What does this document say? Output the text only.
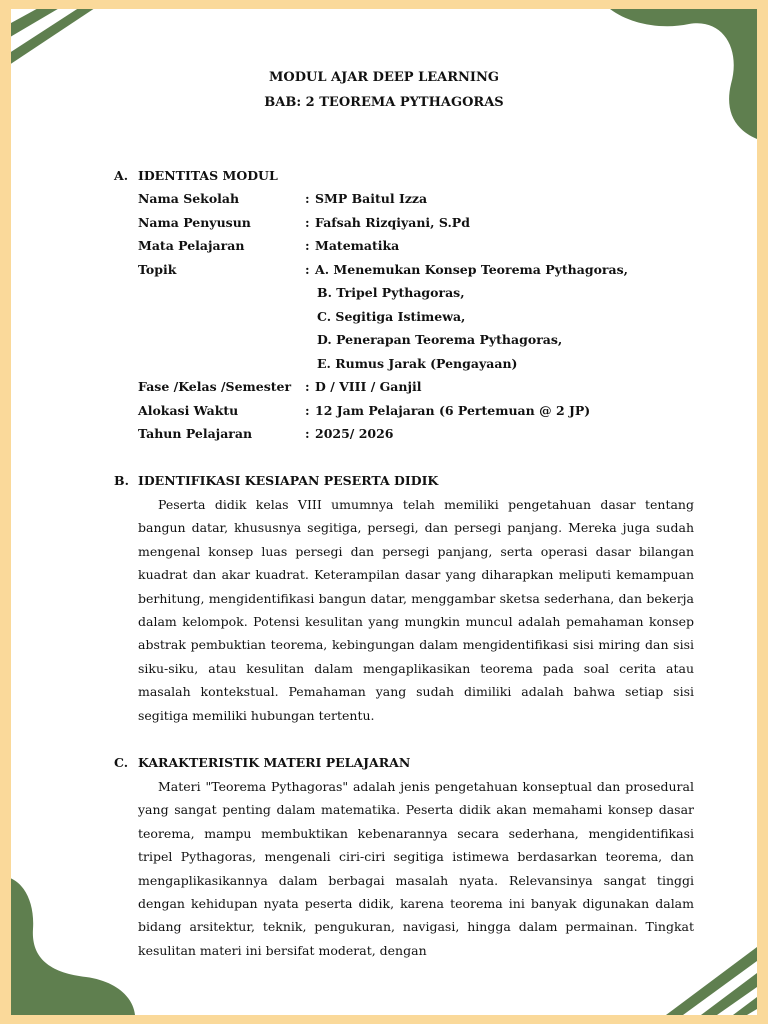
MODUL AJAR DEEP LEARNING
BAB: 2 TEOREMA PYTHAGORAS
A. IDENTITAS MODUL
Nama Sekolah	: SMP Baitul Izza
Nama Penyusun	: Fafsah Rizqiyani, S.Pd
Mata Pelajaran	: Matematika
Topik	: A. Menemukan Konsep Teorema Pythagoras,
B. Tripel Pythagoras,
C. Segitiga Istimewa,
D. Penerapan Teorema Pythagoras,
E. Rumus Jarak (Pengayaan)
Fase /Kelas /Semester : D / VIII / Ganjil
Alokasi Waktu	: 12 Jam Pelajaran (6 Pertemuan @ 2 JP)
Tahun Pelajaran	: 2025/ 2026
B. IDENTIFIKASI KESIAPAN PESERTA DIDIK
Peserta didik kelas VIII umumnya telah memiliki pengetahuan dasar tentang bangun datar, khususnya segitiga, persegi, dan persegi panjang. Mereka juga sudah mengenal konsep luas persegi dan persegi panjang, serta operasi dasar bilangan kuadrat dan akar kuadrat. Keterampilan dasar yang diharapkan meliputi kemampuan berhitung, mengidentifikasi bangun datar, menggambar sketsa sederhana, dan bekerja dalam kelompok. Potensi kesulitan yang mungkin muncul adalah pemahaman konsep abstrak pembuktian teorema, kebingungan dalam mengidentifikasi sisi miring dan sisi siku-siku, atau kesulitan dalam mengaplikasikan teorema pada soal cerita atau masalah kontekstual. Pemahaman yang sudah dimiliki adalah bahwa setiap sisi segitiga memiliki hubungan tertentu.
C. KARAKTERISTIK MATERI PELAJARAN
Materi "Teorema Pythagoras" adalah jenis pengetahuan konseptual dan prosedural yang sangat penting dalam matematika. Peserta didik akan memahami konsep dasar teorema, mampu membuktikan kebenarannya secara sederhana, mengidentifikasi tripel Pythagoras, mengenali ciri-ciri segitiga istimewa berdasarkan teorema, dan mengaplikasikannya dalam berbagai masalah nyata. Relevansinya sangat tinggi dengan kehidupan nyata peserta didik, karena teorema ini banyak digunakan dalam bidang arsitektur, teknik, pengukuran, navigasi, hingga dalam permainan. Tingkat kesulitan materi ini bersifat moderat, dengan
